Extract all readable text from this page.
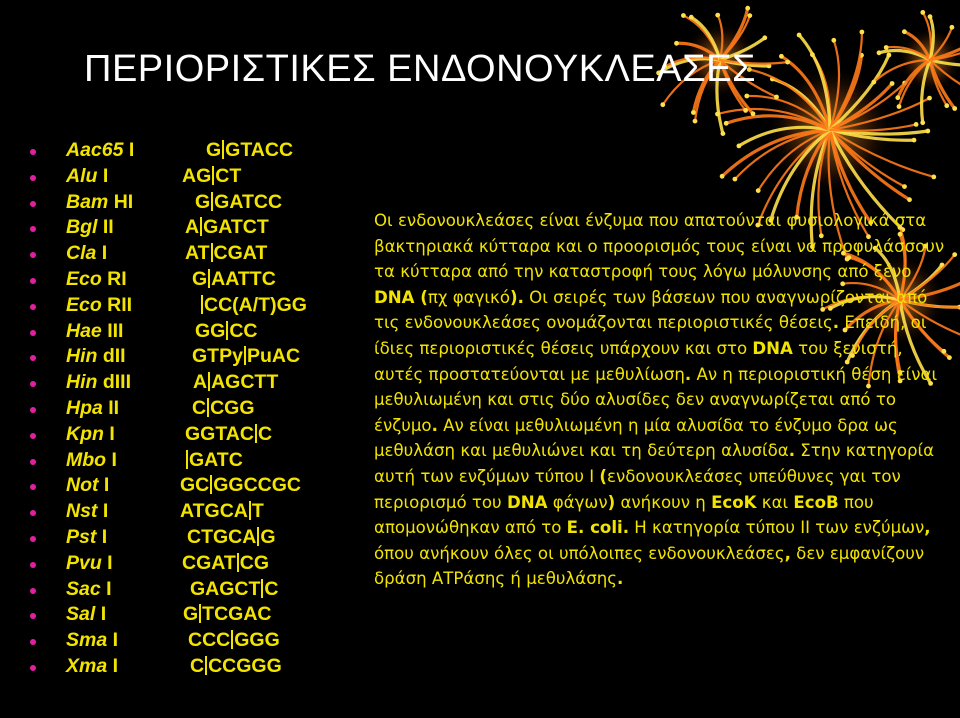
ΠΕΡΙΟΡΙΣΤΙΚΕΣ ΕΝΔΟΝΟΥΚΛΕΑΣΕΣ
Aac65 I	G GTACC
Alu I	AG CT
Bam HI	G GATCC
Bgl II	A GATCT
Cla I	AT CGAT
Eco RI	G AATTC
Eco RII	CC(A/T)GG
Hae III	GG CC
Hin dII	GTPy PuAC
Hin dIII	A AGCTT
Hpa II	C CGG
Kpn I	GGTAC C
Mbo I	GATC
Not I	GC GGCCGC
Nst I	ATGCA T
Pst I	CTGCA G
Pvu I	CGAT CG
Sac I	GAGCT C
Sal I	G TCGAC
Sma I	CCC GGG
Xma I	C CCGGG

Οι ενδονουκλεάσες είναι ένζυμα που απατούνται φυσιολογικά στα βακτηριακά κύτταρα και ο προορισμός τους είναι να προφυλάσσουν τα κύτταρα από την καταστροφή τους λόγω μόλυνσης από ξένο DNA (πχ φαγικό). Οι σειρές των βάσεων που αναγνωρίζονται από τις ενδονουκλεάσες ονομάζονται περιοριστικές θέσεις. Επειδή, οι ίδιες περιοριστικές θέσεις υπάρχουν και στο DNA του ξενιστή, αυτές προστατεύονται με μεθυλίωση. Αν η περιοριστική θέση είναι μεθυλιωμένη και στις δύο αλυσίδες δεν αναγνωρίζεται από το ένζυμο. Αν είναι μεθυλιωμένη η μία αλυσίδα το ένζυμο δρα ως μεθυλάση και μεθυλιώνει και τη δεύτερη αλυσίδα. Στην κατηγορία αυτή των ενζύμων τύπου Ι (ενδονουκλεάσες υπεύθυνες γαι τον περιορισμό του DNA φάγων) ανήκουν η EcoK και EcoB που απομονώθηκαν από το E. coli. Η κατηγορία τύπου ΙΙ των ενζύμων, όπου ανήκουν όλες οι υπόλοιπες ενδονουκλεάσες, δεν εμφανίζουν δράση ΑΤΡάσης ή μεθυλάσης.
